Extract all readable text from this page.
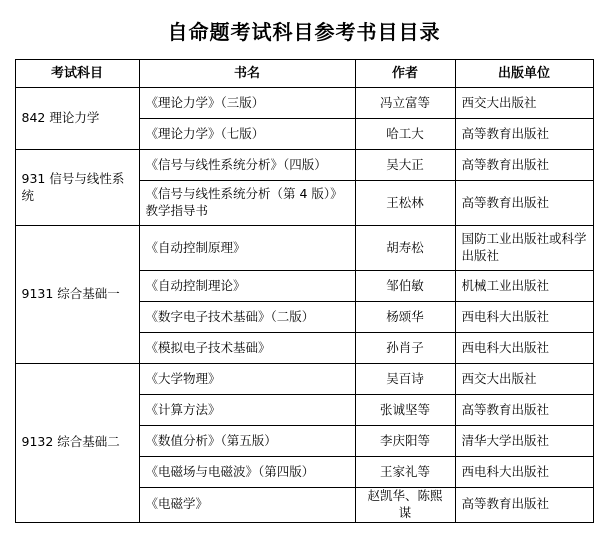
自命题考试科目参考书目目录
考试科目	书名	作者	出版单位
842 理论力学	《理论力学》（三版）	冯立富等	西交大出版社
	《理论力学》（七版）	哈工大	高等教育出版社
931 信号与线性系统	《信号与线性系统分析》（四版）	吴大正	高等教育出版社
	《信号与线性系统分析（第 4 版）》教学指导书	王松林	高等教育出版社
9131 综合基础一	《自动控制原理》	胡寿松	国防工业出版社或科学出版社
	《自动控制理论》	邹伯敏	机械工业出版社
	《数字电子技术基础》（二版）	杨颂华	西电科大出版社
	《模拟电子技术基础》	孙肖子	西电科大出版社
9132 综合基础二	《大学物理》	吴百诗	西交大出版社
	《计算方法》	张诚坚等	高等教育出版社
	《数值分析》（第五版）	李庆阳等	清华大学出版社
	《电磁场与电磁波》（第四版）	王家礼等	西电科大出版社
	《电磁学》	赵凯华、陈熙谋	高等教育出版社
